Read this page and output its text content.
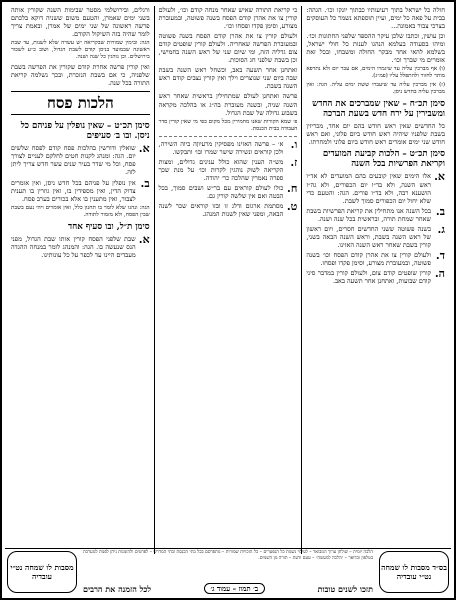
חולה כל ישראל בתוך רעיעותיו כבתוך יונקו וכו׳. הגהה: בבית על פאה כל ימים, ועיין תוספתא נשמר כל העוסקים בצרכי צבור באמונה...

וכן עושין, וכתבו שלכן עיקר ההספד שלפני החתונות וכו׳. ומיהו בסעודה בעלמא הנהגו לענות כל חולי ישראל, בשלמא להאי אחד מבקר החולה ומשבחו, ובכל זאת אומרים מי שברך וכו׳.

(ו) אף מברכין עליה עד שיגמרו הימים, אם עבר יום ולא נתרפא מותר לחזור ולהתפלל עליו (פמ״ג).

(ז) אין מברכין עליה עד שיעברו ששת ימים עליה. הגה: ואין מברכין עליה בחדש ניסן.

סימן תכ״ח – שאין שמברכים את החדש ומשבירין על ירח חדש בשעת הברכה

כל החדשים שאין ראש חודש בהם יום אחד, מכריזין בשבת שלפניו שיהיה ראש חודש ביום פלוני, ואם ראש חודש שני ימים אומרים ראש חודש ביום פלוני ולמחרתו.

סימן תכ״ט – הלכות קביעת המועדים וקריאת הפרשיות בכל השנה
א.
אלו הימים שאין קובעים בהם המועדים לא אד״ו ראש השנה, ולא בד״ו יום הכפורים, ולא גה״ז הושענא רבה, ולא בד״ו פורים. הגה: והטעם כדי שלא יחול יום הכפורים סמוך לשבת.
ב.
בכל השנה אנו מתחילין את קריאת הפרשיות בשבת שאחר שמחת תורה, ובראשית בכל שנה ושנה.
ג.
בשנה פשוטה ששני החדשים חסרים, ויום ראשון של ראש השנה בשבת, וראש השנה הבאה בשני, קורין בשבת שאחר ראש השנה האזינו.
ד.
ולעולם קורין צו את אהרן קודם הפסח וכו׳ בשנה פשוטה, ובמעוברת מצורע, וסימן פקדו ופסחו.
ה.
קורין שופטים קודם צום, ולעולם קורין במדבר סיני קודם שבועות, ואתחנן אחר תשעה באב.

כי קריאת התורה שאיש שאחר מנחה קודם וכו׳, ולעולם קורין צו את אהרן קודם הפסח בשנה פשוטה, ובמעוברת מצורע, וסימן פקדו ופסחו וכו׳.

ולעולם קורין צו את אהרן קודם הפסח בשנה פשוטה ובמעוברת הפרשה שאחריה. ולעולם קורין שופטים קודם צום גדליה הזה, ומי שיום שני של ראש השנה בחמישי, וכן בשבת שלפני חג הסוכות.

ואתחנן אחר תשעה באב, וכשחל ראש השנה בשבת שבה ביום שני שנוצרים וילך ואין קורין נצבים קודם ראש השנה בשבת.

פרשה ואתחנן לעולם שמתחילין בראשית שאחר ראש השנה שניה, ובשנה מעוברת בה״ג או בהלכה מקראה בשבוע גדולה של שבת הגדול.

פ׳ שמא הקורות שאנו מחמירין מכל מקום כפי מי שאין קורין סדר העבודה בבית הכנסת.

ו.
א׳ – פרשה האזינו מפסיקין מרעיוןה ביוה השירה, ולכן קוראים ונשירה שישר שמרו ובו׳ ותבקשו.
ז.
מש״ה הענין שהוא כולל ענינים גדולים, ומצות הקריאה לשוק נוהגין לקרות וכו׳ על מנת שכך ספרה נאמרין שהלכה כר׳ יהודה.
ח.
כולו לעולם קוראים עם בר״ש ושבים סמוך, בכל הבטה ואם אין שלשה קורין גם.
ט.
מסתמת ארגום ודלג זו ובזו קוראים שכר לשנה הבאה, ומפני שאין לשנות המנהג.

ורגלים, ובירושלמי מסטר שבימות השנה שקורין אותה בשני ימים שאמרן, והטעם משום ששניה דוקא בלכתם פרשה ראשונה של שני ימים של אמרן, ובאמת צריך לומר שהיה בזה השיקול הקודם.

הגה: ובימין שמורות שבקריאה יש עשרה שלא לשנות, עד שבת ראשונה שבמועד בניסן קודם לשבת הגדול, ושוב כ״ע לשכור בירושלים. וכן נוהגין כל שנה ושנה.

ואין קורין פרשה אחרת קודם שקורין את הפרשה בשבת שלפניה, כי אם בשבת הנזכרת, ובכך נשלמה קריאת התורה בכל שנה.

הלכות פסח
סימן תכ״ט – שאין נופלין על פניהם כל ניסן. ובו ב׳ סעיפים
א.
שואלין ודורשין בהלכות פסח קודם לפסח שלשים יום. הגה: ומנהג לקנות חטים לחלקם לעניים לצורך פסח, וכל מי שדר בעיר שנים עשר חדש צריך ליתן לזה.
ב.
אין נופלין על פניהם בכל חדש ניסן, ואין אומרים צדוק הדין, ואין מספידין בו, ואין גוזרין בו תענית לצבור, ואין מתענין בו אלא בכורים בערב פסח.

הגה: ונהגו שלא לומר בו תחנון כלל, ואין אומרים ויהי נעם בשבת שבין הפסח, ולא מזמור לתודה.

סימן ת״ל, ובו סעיף אחד
א.
שבת שלפני הפסח קורין אותו שבת הגדול, מפני הנס שנעשה בו. הגה: והמנהג לומר במנחה ההגדה מעבדים היינו עד לכפר על כל עונותינו.
בס״ד מסבות לו שמחה נט״י עובדיה
הלכה יומית – שולחן ערוך המבואר – לעילוי נשמת כל הנפטרים – כל הזכויות שמורות – מתפרסם בכל בתי הכנסת ובתי המדרש – לפרטים ולהזמנות ניתן לפנות למערכת בטלפון ובדואר – ״הלכה למעשה״ – טעם ודעת – תורה מן השמים.
לכל הזמנה את הרבים	ב׳ תמוז – עמוד ג׳	תזכו לשנים טובות
מסבות לו שמחה נט״י עובדיה
